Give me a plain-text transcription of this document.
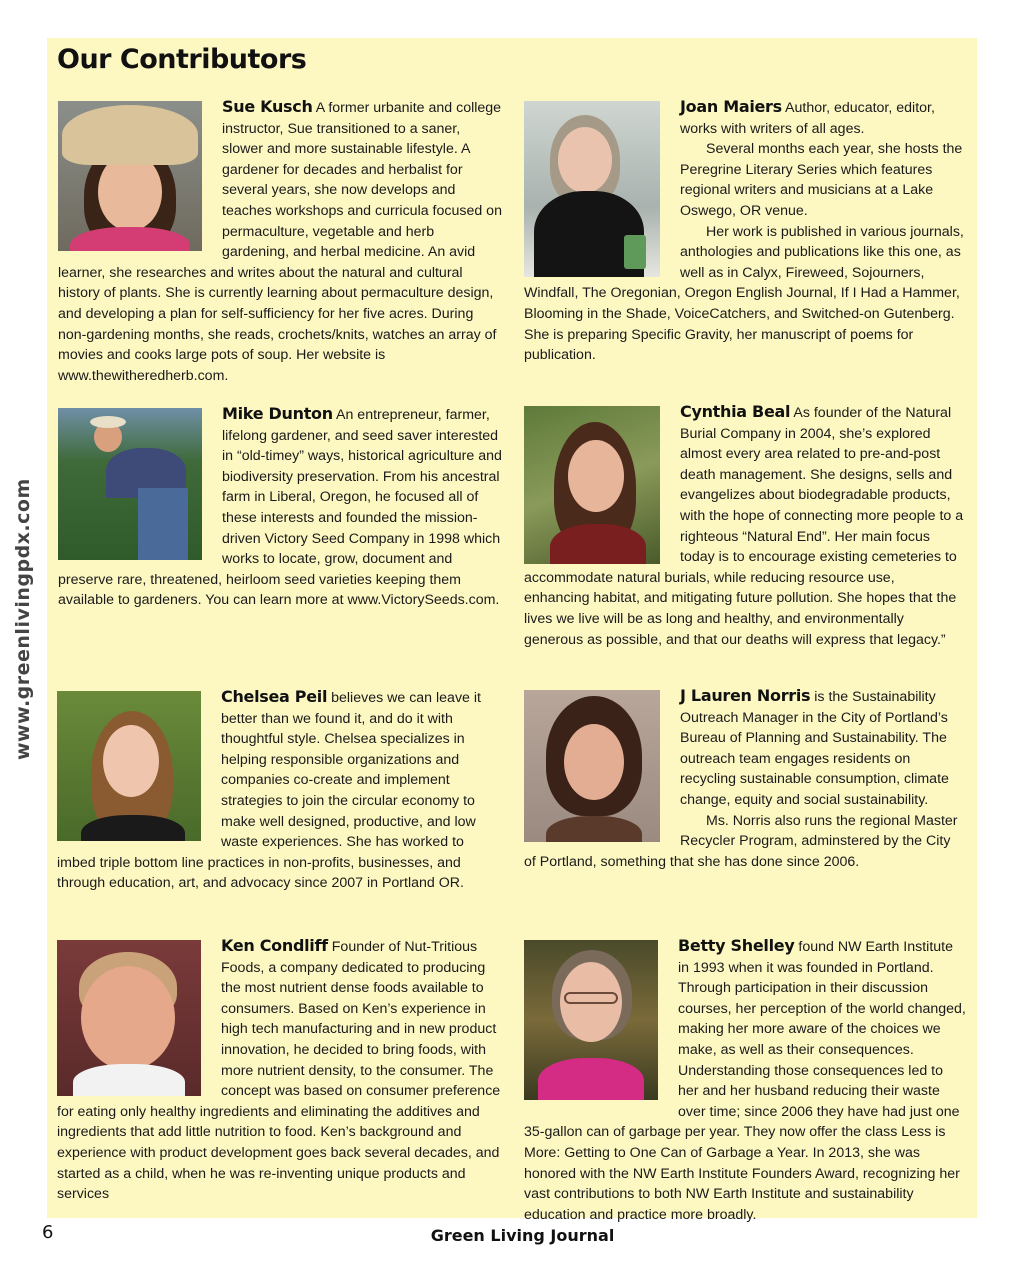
Our Contributors
www.greenlivingpdx.com

Sue Kusch A former urbanite and college instructor, Sue transitioned to a saner, slower and more sustainable lifestyle. A gardener for decades and herbalist for several years, she now develops and teaches workshops and curricula focused on permaculture, vegetable and herb gardening, and herbal medicine. An avid learner, she researches and writes about the natural and cultural history of plants. She is currently learning about permaculture design, and developing a plan for self-sufficiency for her five acres. During non-gardening months, she reads, crochets/knits, watches an array of movies and cooks large pots of soup. Her website is www.thewitheredherb.com.

Joan Maiers Author, educator, editor, works with writers of all ages.

Several months each year, she hosts the Peregrine Literary Series which features regional writers and musicians at a Lake Oswego, OR venue.

Her work is published in various journals, anthologies and publications like this one, as well as in Calyx, Fireweed, Sojourners, Windfall, The Oregonian, Oregon English Journal, If I Had a Hammer, Blooming in the Shade, VoiceCatchers, and Switched-on Gutenberg. She is preparing Specific Gravity, her manuscript of poems for publication.

Mike Dunton An entrepreneur, farmer, lifelong gardener, and seed saver interested in “old-timey” ways, historical agriculture and biodiversity preservation. From his ancestral farm in Liberal, Oregon, he focused all of these interests and founded the mission-driven Victory Seed Company in 1998 which works to locate, grow, document and preserve rare, threatened, heirloom seed varieties keeping them available to gardeners. You can learn more at www.VictorySeeds.com.

Cynthia Beal As founder of the Natural Burial Company in 2004, she’s explored almost every area related to pre-and-post death management. She designs, sells and evangelizes about biodegradable products, with the hope of connecting more people to a righteous “Natural End”. Her main focus today is to encourage existing cemeteries to accommodate natural burials, while reducing resource use, enhancing habitat, and mitigating future pollution. She hopes that the lives we live will be as long and healthy, and environmentally generous as possible, and that our deaths will express that legacy.”

Chelsea Peil believes we can leave it better than we found it, and do it with thoughtful style. Chelsea specializes in helping responsible organizations and companies co-create and implement strategies to join the circular economy to make well designed, productive, and low waste experiences. She has worked to imbed triple bottom line practices in non-profits, businesses, and through education, art, and advocacy since 2007 in Portland OR.

J Lauren Norris is the Sustainability Outreach Manager in the City of Portland’s Bureau of Planning and Sustainability. The outreach team engages residents on recycling sustainable consumption, climate change, equity and social sustainability.

Ms. Norris also runs the regional Master Recycler Program, adminstered by the City of Portland, something that she has done since 2006.

Ken Condliff Founder of Nut-Tritious Foods, a company dedicated to producing the most nutrient dense foods available to consumers. Based on Ken’s experience in high tech manufacturing and in new product innovation, he decided to bring foods, with more nutrient density, to the consumer. The concept was based on consumer preference for eating only healthy ingredients and eliminating the additives and ingredients that add little nutrition to food. Ken’s background and experience with product development goes back several decades, and started as a child, when he was re-inventing unique products and services

Betty Shelley found NW Earth Institute in 1993 when it was founded in Portland. Through participation in their discussion courses, her perception of the world changed, making her more aware of the choices we make, as well as their consequences. Understanding those consequences led to her and her husband reducing their waste over time; since 2006 they have had just one 35-gallon can of garbage per year. They now offer the class Less is More: Getting to One Can of Garbage a Year. In 2013, she was honored with the NW Earth Institute Founders Award, recognizing her vast contributions to both NW Earth Institute and sustainability education and practice more broadly.

6	Green Living Journal
